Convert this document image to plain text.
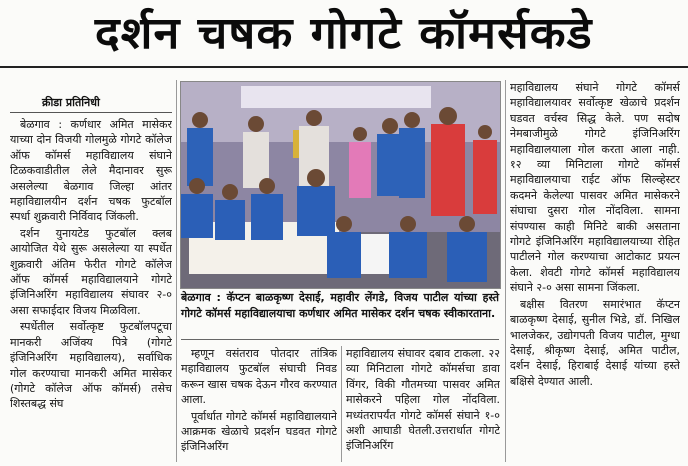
दर्शन चषक गोगटे कॉमर्सकडे
क्रीडा प्रतिनिधी

बेळगाव : कर्णधार अमित मासेकर याच्या दोन विजयी गोलमुळे गोगटे कॉलेज ऑफ कॉमर्स महाविद्यालय संघाने टिळकवाडीतील लेले मैदानावर सुरू असलेल्या बेळगाव जिल्हा आंतर महाविद्यालयीन दर्शन चषक फुटबॉल स्पर्धा शुक्रवारी निर्विवाद जिंकली.

दर्शन युनायटेड फुटबॉल क्लब आयोजित येथे सुरू असलेल्या या स्पर्धेत शुक्रवारी अंतिम फेरीत गोगटे कॉलेज ऑफ कॉमर्स महाविद्यालयाने गोगटे इंजिनिअरिंग महाविद्यालय संघावर २-० असा सफाईदार विजय मिळविला.

स्पर्धेतील सर्वोत्कृष्ट फुटबॉलपटूचा मानकरी अजिंक्य पित्रे (गोगटे इंजिनिअरिंग महाविद्यालय), सर्वाधिक गोल करण्याचा मानकरी अमित मासेकर (गोगटे कॉलेज ऑफ कॉमर्स) तसेच शिस्तबद्ध संघ

बेळगाव : कॅप्टन बाळकृष्ण देसाई, महावीर लेंगडे, विजय पाटील यांच्या हस्ते गोगटे कॉमर्स महाविद्यालयाचा कर्णधार अमित मासेकर दर्शन चषक स्वीकारताना.

म्हणून वसंतराव पोतदार तांत्रिक महाविद्यालय फुटबॉल संघाची निवड करून खास चषक देऊन गौरव करण्यात आला.

पूर्वार्धात गोगटे कॉमर्स महाविद्यालयाने आक्रमक खेळाचे प्रदर्शन घडवत गोगटे इंजिनिअरिंग

महाविद्यालय संघावर दबाव टाकला. २२ व्या मिनिटाला गोगटे कॉमर्सचा डावा विंगर, विकी गौतमच्या पासवर अमित मासेकरने पहिला गोल नोंदविला. मध्यंतरापर्यंत गोगटे कॉमर्स संघाने १-० अशी आघाडी घेतली.उत्तरार्धात गोगटे इंजिनिअरिंग

महाविद्यालय संघाने गोगटे कॉमर्स महाविद्यालयावर सर्वोत्कृष्ट खेळाचे प्रदर्शन घडवत वर्चस्व सिद्ध केले. पण सदोष नेमबाजीमुळे गोगटे इंजिनिअरिंग महाविद्यालयाला गोल करता आला नाही. १२ व्या मिनिटाला गोगटे कॉमर्स महाविद्यालयाचा राईट ऑफ सिल्व्हेस्टर कदमने केलेल्या पासवर अमित मासेकरने संघाचा दुसरा गोल नोंदविला. सामना संपण्यास काही मिनिटे बाकी असताना गोगटे इंजिनिअरिंग महाविद्यालयाच्या रोहित पाटीलने गोल करण्याचा आटोकाट प्रयत्न केला. शेवटी गोगटे कॉमर्स महाविद्यालय संघाने २-० असा सामना जिंकला.

बक्षीस वितरण समारंभात कॅप्टन बाळकृष्ण देसाई, सुनील भिडे, डॉ. निखिल भालजेकर, उद्योगपती विजय पाटील, मुग्धा देसाई, श्रीकृष्ण देसाई, अमित पाटील, दर्शन देसाई, हिराबाई देसाई यांच्या हस्ते बक्षिसे देण्यात आली.
